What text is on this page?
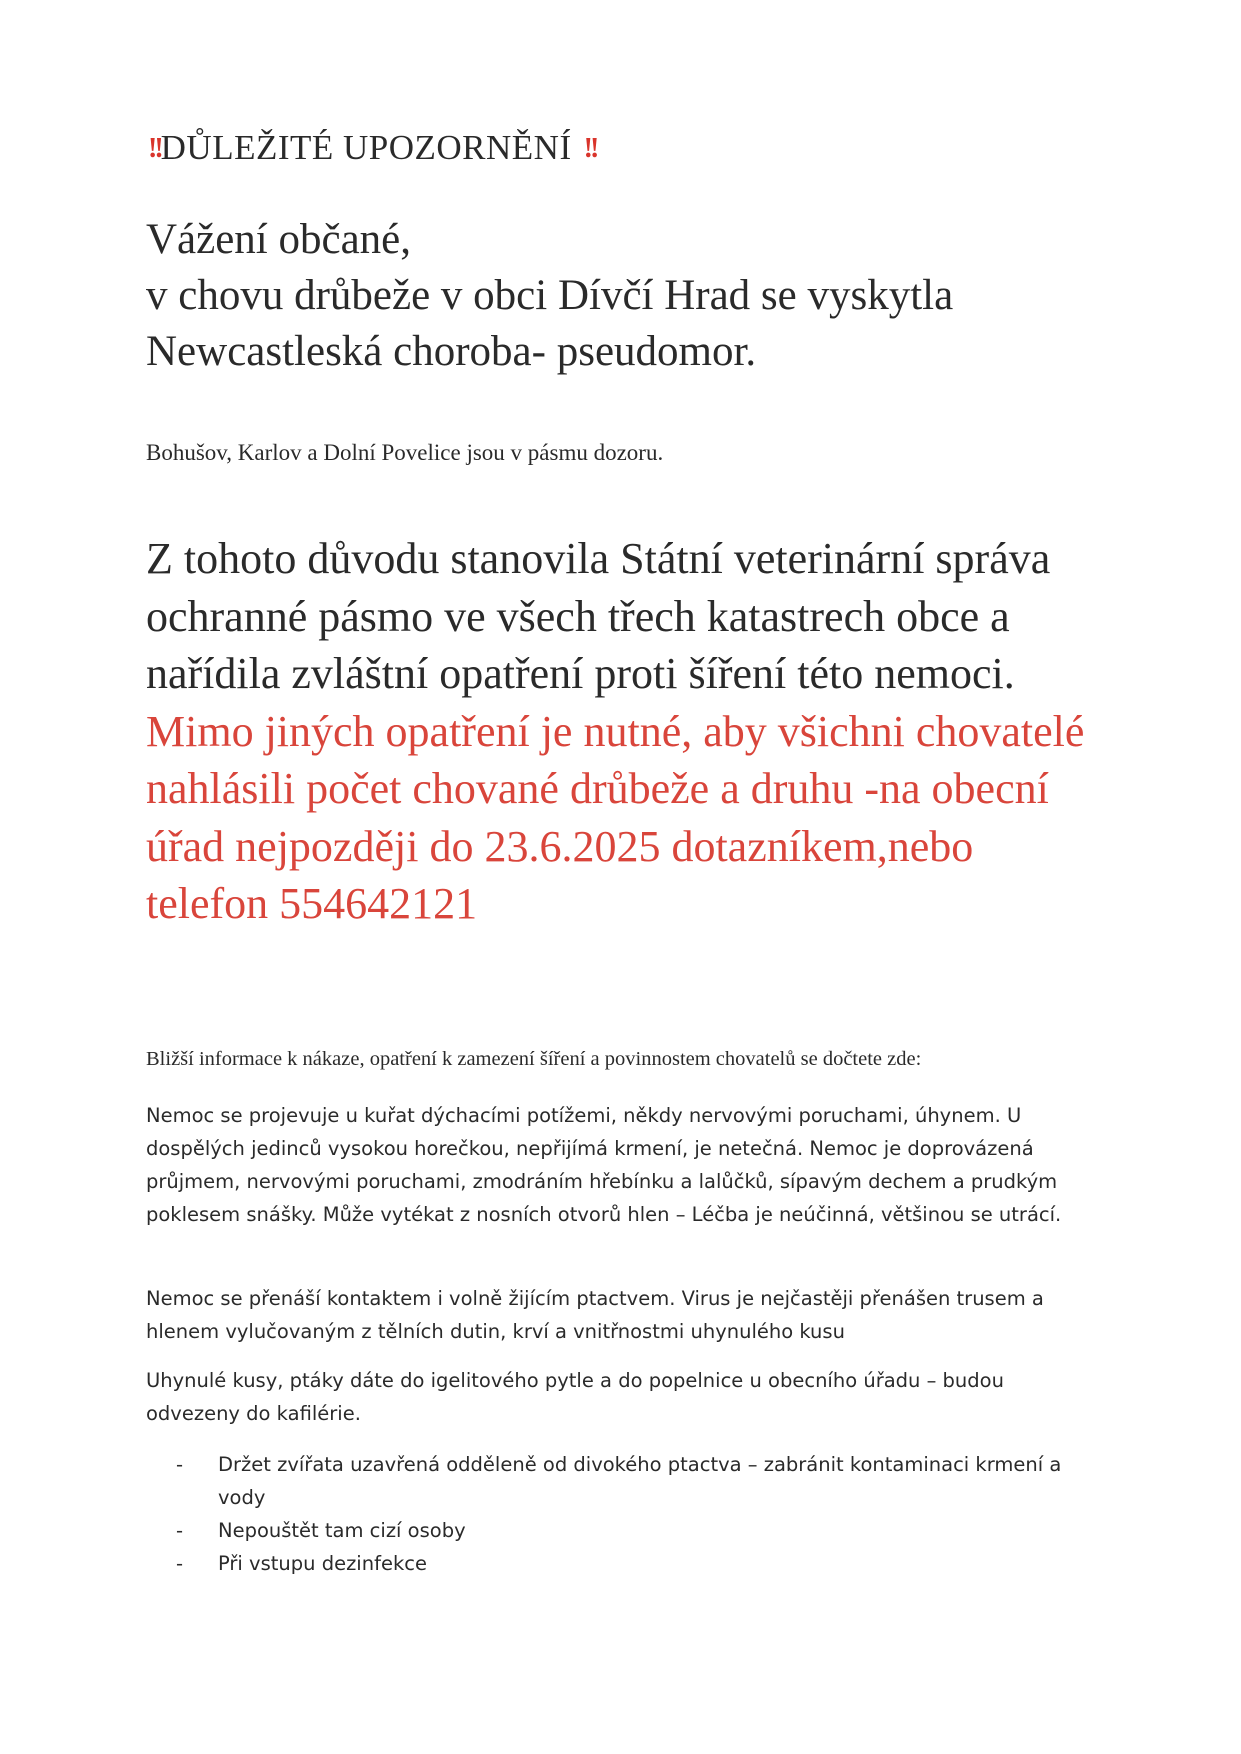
!!DŮLEŽITÉ UPOZORNĚNÍ !!
Vážení občané,
v chovu drůbeže v obci Dívčí Hrad se vyskytla
Newcastleská choroba- pseudomor.
Bohušov, Karlov a Dolní Povelice jsou v pásmu dozoru.
Z tohoto důvodu stanovila Státní veterinární správa ochranné pásmo ve všech třech katastrech obce a nařídila zvláštní opatření proti šíření této nemoci. Mimo jiných opatření je nutné, aby všichni chovatelé nahlásili počet chované drůbeže a druhu -na obecní úřad nejpozději do 23.6.2025 dotazníkem,nebo telefon 554642121
Bližší informace k nákaze, opatření k zamezení šíření a povinnostem chovatelů se dočtete zde:
Nemoc se projevuje u kuřat dýchacími potížemi, někdy nervovými poruchami, úhynem. U dospělých jedinců vysokou horečkou, nepřijímá krmení, je netečná. Nemoc je doprovázená průjmem, nervovými poruchami, zmodráním hřebínku a lalůčků, sípavým dechem a prudkým poklesem snášky. Může vytékat z nosních otvorů hlen – Léčba je neúčinná, většinou se utrácí.
Nemoc se přenáší kontaktem i volně žijícím ptactvem. Virus je nejčastěji přenášen trusem a hlenem vylučovaným z tělních dutin, krví a vnitřnostmi uhynulého kusu
Uhynulé kusy, ptáky dáte do igelitového pytle a do popelnice u obecního úřadu – budou odvezeny do kafilérie.
- Držet zvířata uzavřená odděleně od divokého ptactva – zabránit kontaminaci krmení a vody
- Nepouštět tam cizí osoby
- Při vstupu dezinfekce
